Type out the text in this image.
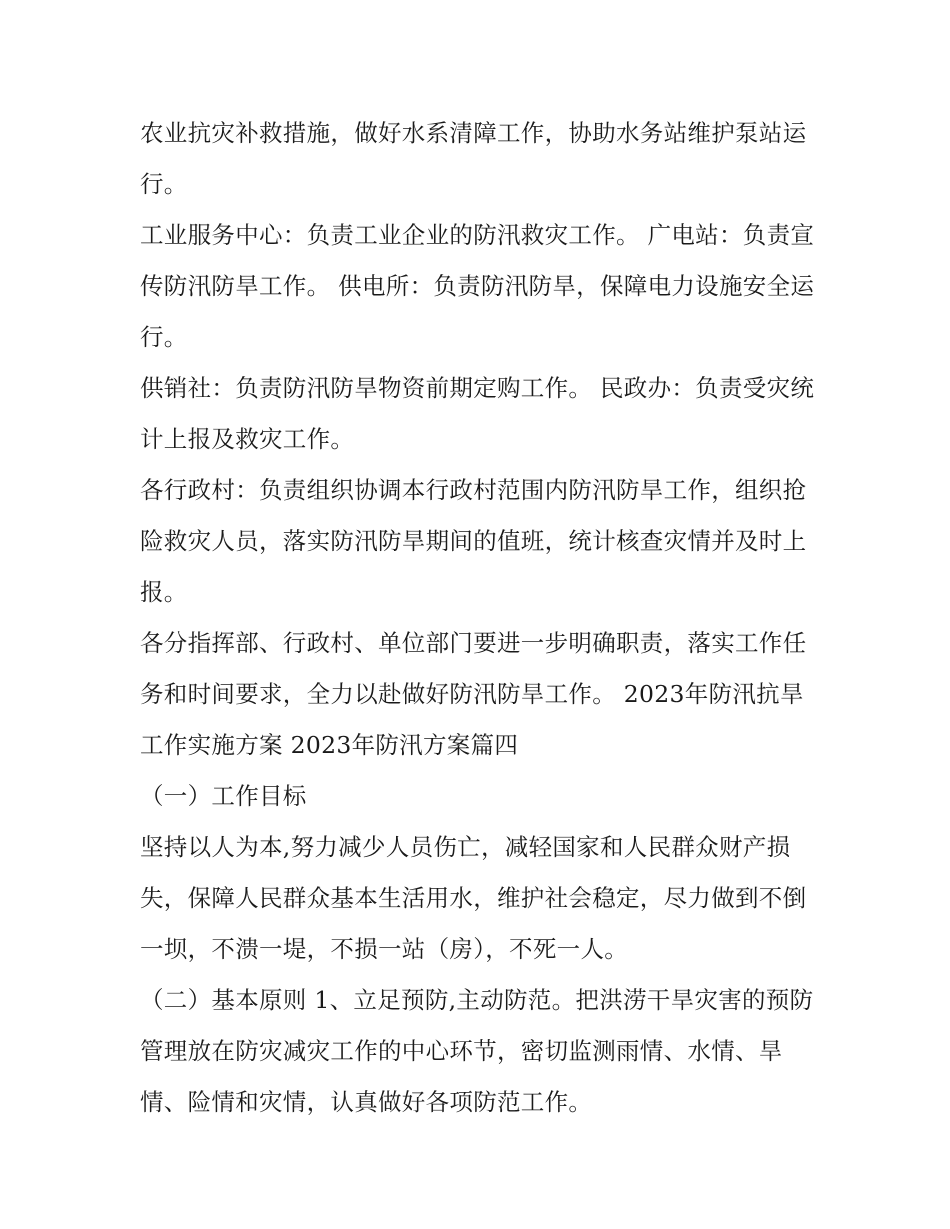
农业抗灾补救措施，做好水系清障工作，协助水务站维护泵站运行。

工业服务中心：负责工业企业的防汛救灾工作。 广电站：负责宣传防汛防旱工作。 供电所：负责防汛防旱，保障电力设施安全运行。

供销社：负责防汛防旱物资前期定购工作。 民政办：负责受灾统计上报及救灾工作。

各行政村：负责组织协调本行政村范围内防汛防旱工作，组织抢险救灾人员，落实防汛防旱期间的值班，统计核查灾情并及时上报。

各分指挥部、行政村、单位部门要进一步明确职责，落实工作任务和时间要求，全力以赴做好防汛防旱工作。 2023年防汛抗旱工作实施方案 2023年防汛方案篇四

（一）工作目标

坚持以人为本,努力减少人员伤亡，减轻国家和人民群众财产损失，保障人民群众基本生活用水，维护社会稳定，尽力做到不倒一坝，不溃一堤，不损一站（房），不死一人。

（二）基本原则 1、立足预防,主动防范。把洪涝干旱灾害的预防管理放在防灾减灾工作的中心环节，密切监测雨情、水情、旱情、险情和灾情，认真做好各项防范工作。
